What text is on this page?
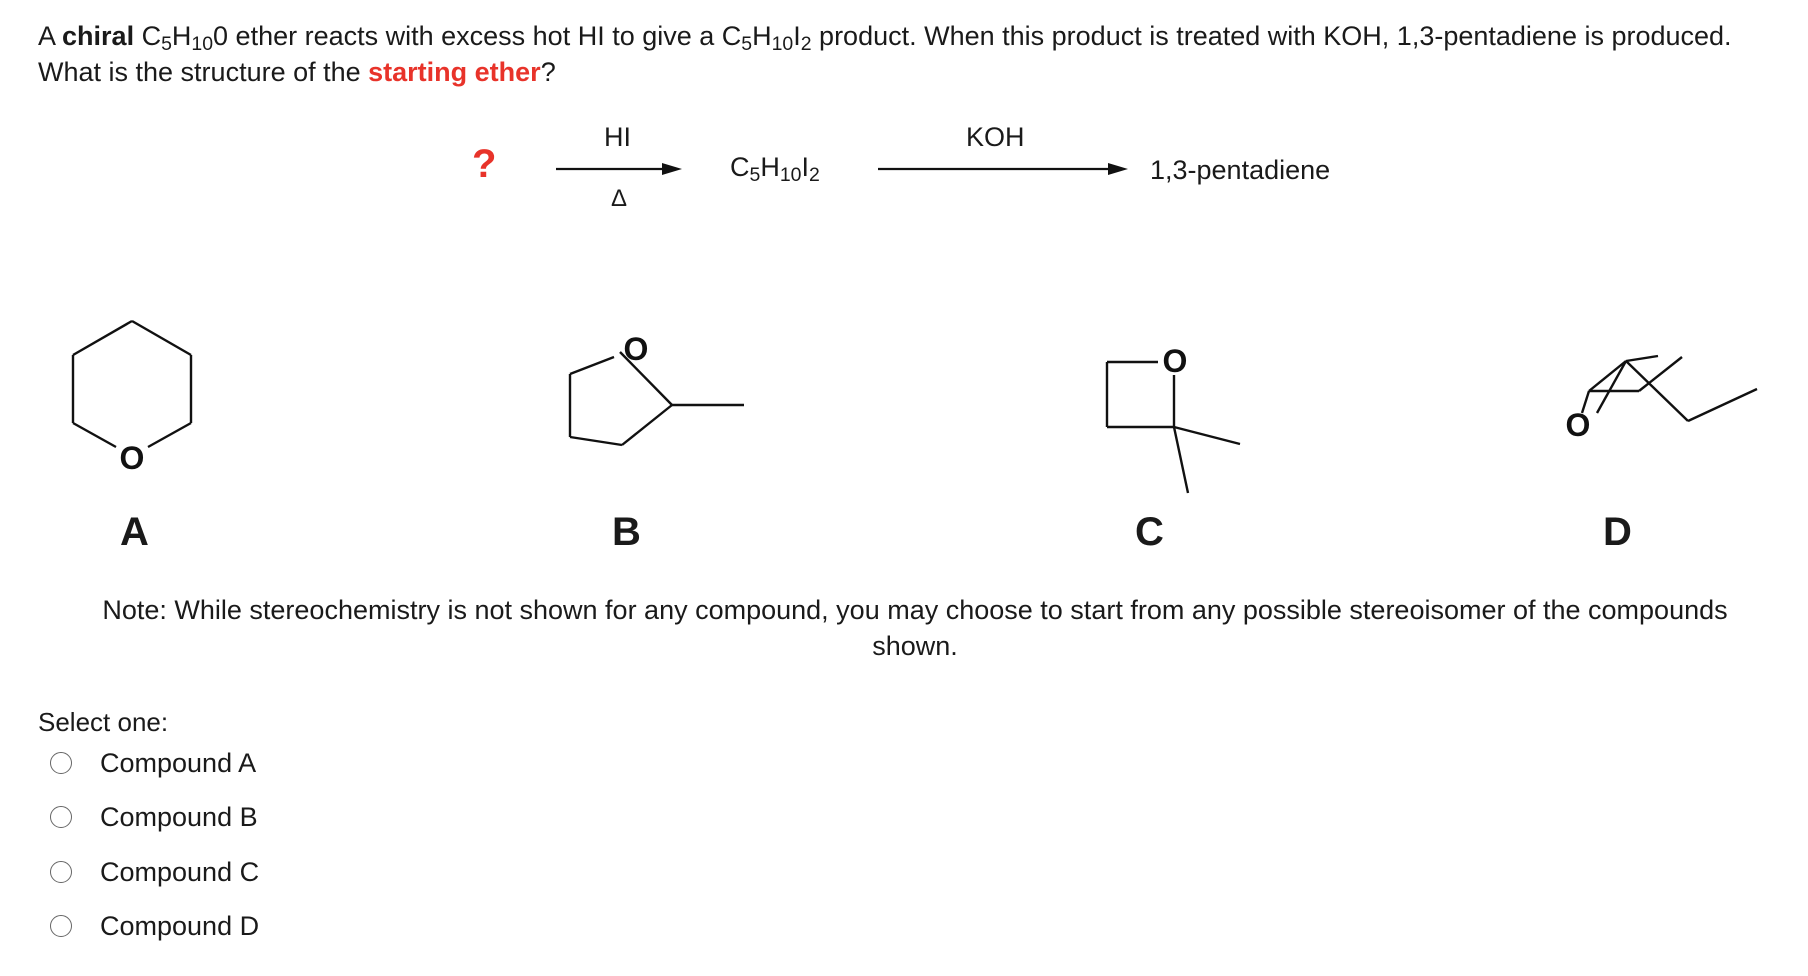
A chiral $C_5H_{10}0$ ether reacts with excess hot HI to give a $C_5H_{10}I_2$ product. When this product is treated with KOH, 1,3-pentadiene is produced. What is the structure of the starting ether?
?
HI
Δ
$C_5H_{10}I_2$
KOH
1,3-pentadiene
O
O	O
O
A	B	C	D
Note: While stereochemistry is not shown for any compound, you may choose to start from any possible stereoisomer of the compounds shown.
Select one:
Compound A
Compound B
Compound C
Compound D
